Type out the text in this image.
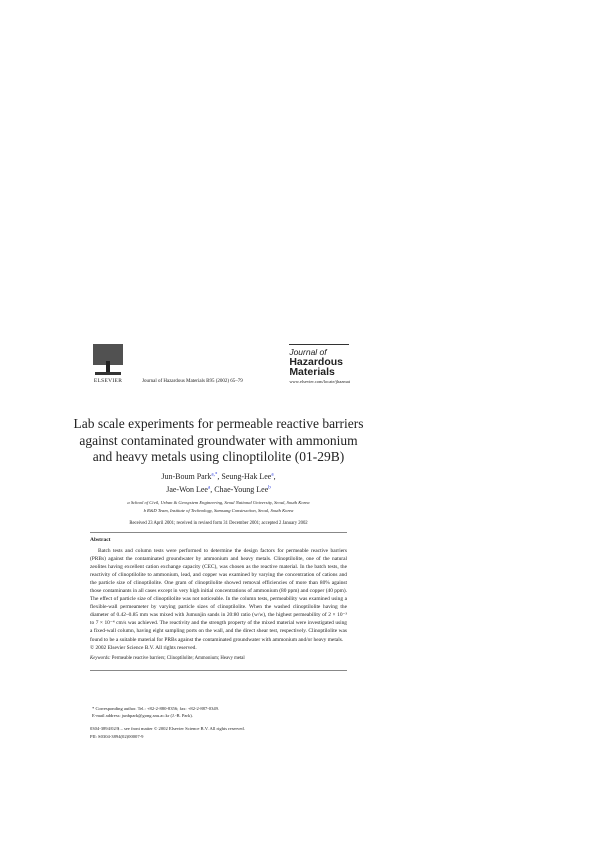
ELSEVIER	Journal of Hazardous Materials B95 (2002) 65–79
Journal of
Hazardous
Materials
www.elsevier.com/locate/jhazmat
Lab scale experiments for permeable reactive barriers against contaminated groundwater with ammonium and heavy metals using clinoptilolite (01-29B)
Jun-Boum Park$^{a,*}$, Seung-Hak Lee$^a$,
Jae-Won Lee$^a$, Chae-Young Lee$^b$
a School of Civil, Urban & Geosystem Engineering, Seoul National University, Seoul, South Korea
b R&D Team, Institute of Technology, Samsung Construction, Seoul, South Korea
Received 23 April 2001; received in revised form 31 December 2001; accepted 2 January 2002
Abstract
Batch tests and column tests were performed to determine the design factors for permeable reactive barriers (PRBs) against the contaminated groundwater by ammonium and heavy metals. Clinoptilolite, one of the natural zeolites having excellent cation exchange capacity (CEC), was chosen as the reactive material. In the batch tests, the reactivity of clinoptilolite to ammonium, lead, and copper was examined by varying the concentration of cations and the particle size of clinoptilolite. One gram of clinoptilolite showed removal efficiencies of more than 80% against those contaminants in all cases except in very high initial concentrations of ammonium (80 ppm) and copper (40 ppm). The effect of particle size of clinoptilolite was not noticeable. In the column tests, permeability was examined using a flexible-wall permeameter by varying particle sizes of clinoptilolite. When the washed clinoptilolite having the diameter of 0.42–0.85 mm was mixed with Jumunjin sands in 20:80 ratio (w/w), the highest permeability of 2 × 10⁻³ to 7 × 10⁻⁴ cm/s was achieved. The reactivity and the strength property of the mixed material were investigated using a fixed-wall column, having eight sampling ports on the wall, and the direct shear test, respectively. Clinoptilolite was found to be a suitable material for PRBs against the contaminated groundwater with ammonium and/or heavy metals.
© 2002 Elsevier Science B.V. All rights reserved.
Keywords: Permeable reactive barriers; Clinoptilolite; Ammonium; Heavy metal
* Corresponding author. Tel.: +82-2-880-8356; fax: +82-2-887-0349.
E-mail address: junbpark@gong.snu.ac.kr (J.-B. Park).
0304-3894/02/$ – see front matter © 2002 Elsevier Science B.V. All rights reserved.
PII: S0304-3894(02)00007-9
